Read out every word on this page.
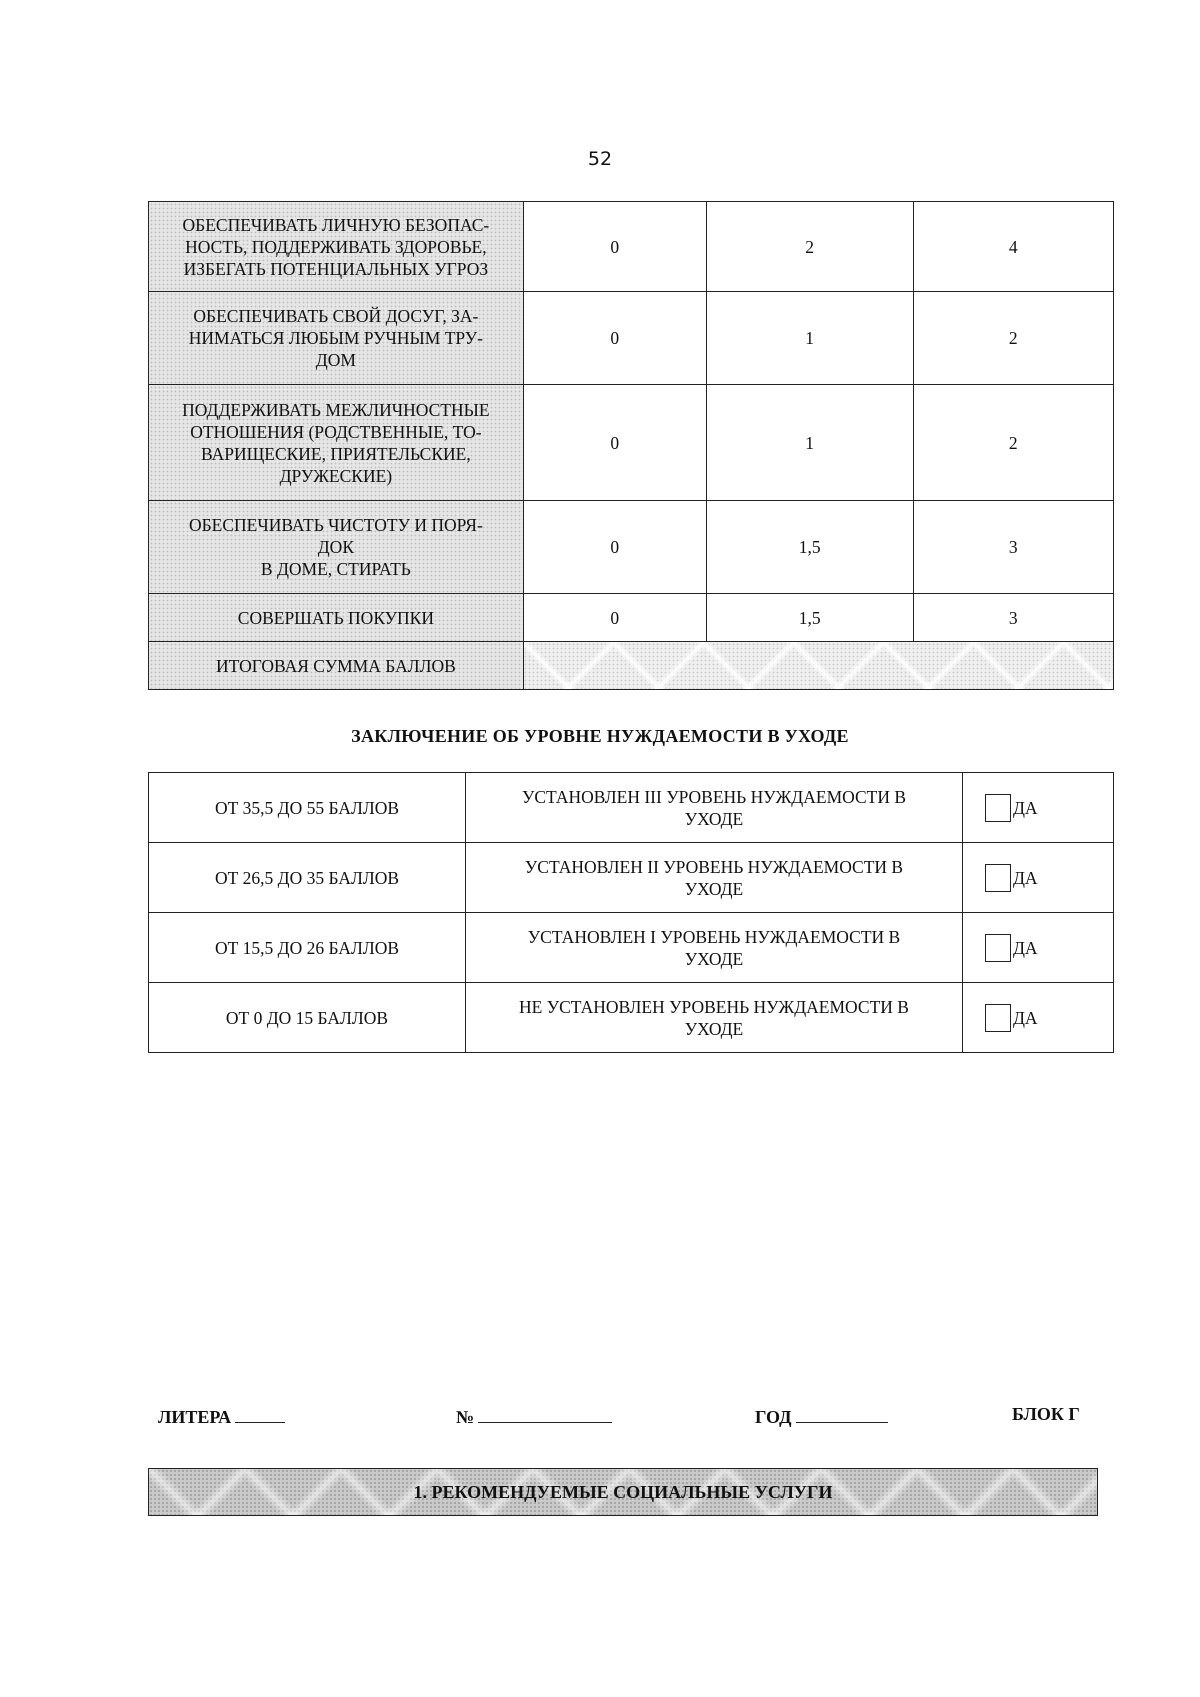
52
ОБЕСПЕЧИВАТЬ ЛИЧНУЮ БЕЗОПАС-
НОСТЬ, ПОДДЕРЖИВАТЬ ЗДОРОВЬЕ,
ИЗБЕГАТЬ ПОТЕНЦИАЛЬНЫХ УГРОЗ	0	2	4
ОБЕСПЕЧИВАТЬ СВОЙ ДОСУГ, ЗА-
НИМАТЬСЯ ЛЮБЫМ РУЧНЫМ ТРУ-
ДОМ	0	1	2
ПОДДЕРЖИВАТЬ МЕЖЛИЧНОСТНЫЕ
ОТНОШЕНИЯ (РОДСТВЕННЫЕ, ТО-
ВАРИЩЕСКИЕ, ПРИЯТЕЛЬСКИЕ,
ДРУЖЕСКИЕ)	0	1	2
ОБЕСПЕЧИВАТЬ ЧИСТОТУ И ПОРЯ-
ДОК
В ДОМЕ, СТИРАТЬ	0	1,5	3
СОВЕРШАТЬ ПОКУПКИ	0	1,5	3
ИТОГОВАЯ СУММА БАЛЛОВ			
ЗАКЛЮЧЕНИЕ ОБ УРОВНЕ НУЖДАЕМОСТИ В УХОДЕ
ОТ 35,5 ДО 55 БАЛЛОВ	УСТАНОВЛЕН III УРОВЕНЬ НУЖДАЕМОСТИ В
УХОДЕ	ДА
ОТ 26,5 ДО 35 БАЛЛОВ	УСТАНОВЛЕН II УРОВЕНЬ НУЖДАЕМОСТИ В
УХОДЕ	ДА
ОТ 15,5 ДО 26 БАЛЛОВ	УСТАНОВЛЕН I УРОВЕНЬ НУЖДАЕМОСТИ В
УХОДЕ	ДА
ОТ 0 ДО 15 БАЛЛОВ	НЕ УСТАНОВЛЕН УРОВЕНЬ НУЖДАЕМОСТИ В
УХОДЕ	ДА
ЛИТЕРА	№	ГОД	БЛОК Г
1. РЕКОМЕНДУЕМЫЕ СОЦИАЛЬНЫЕ УСЛУГИ
